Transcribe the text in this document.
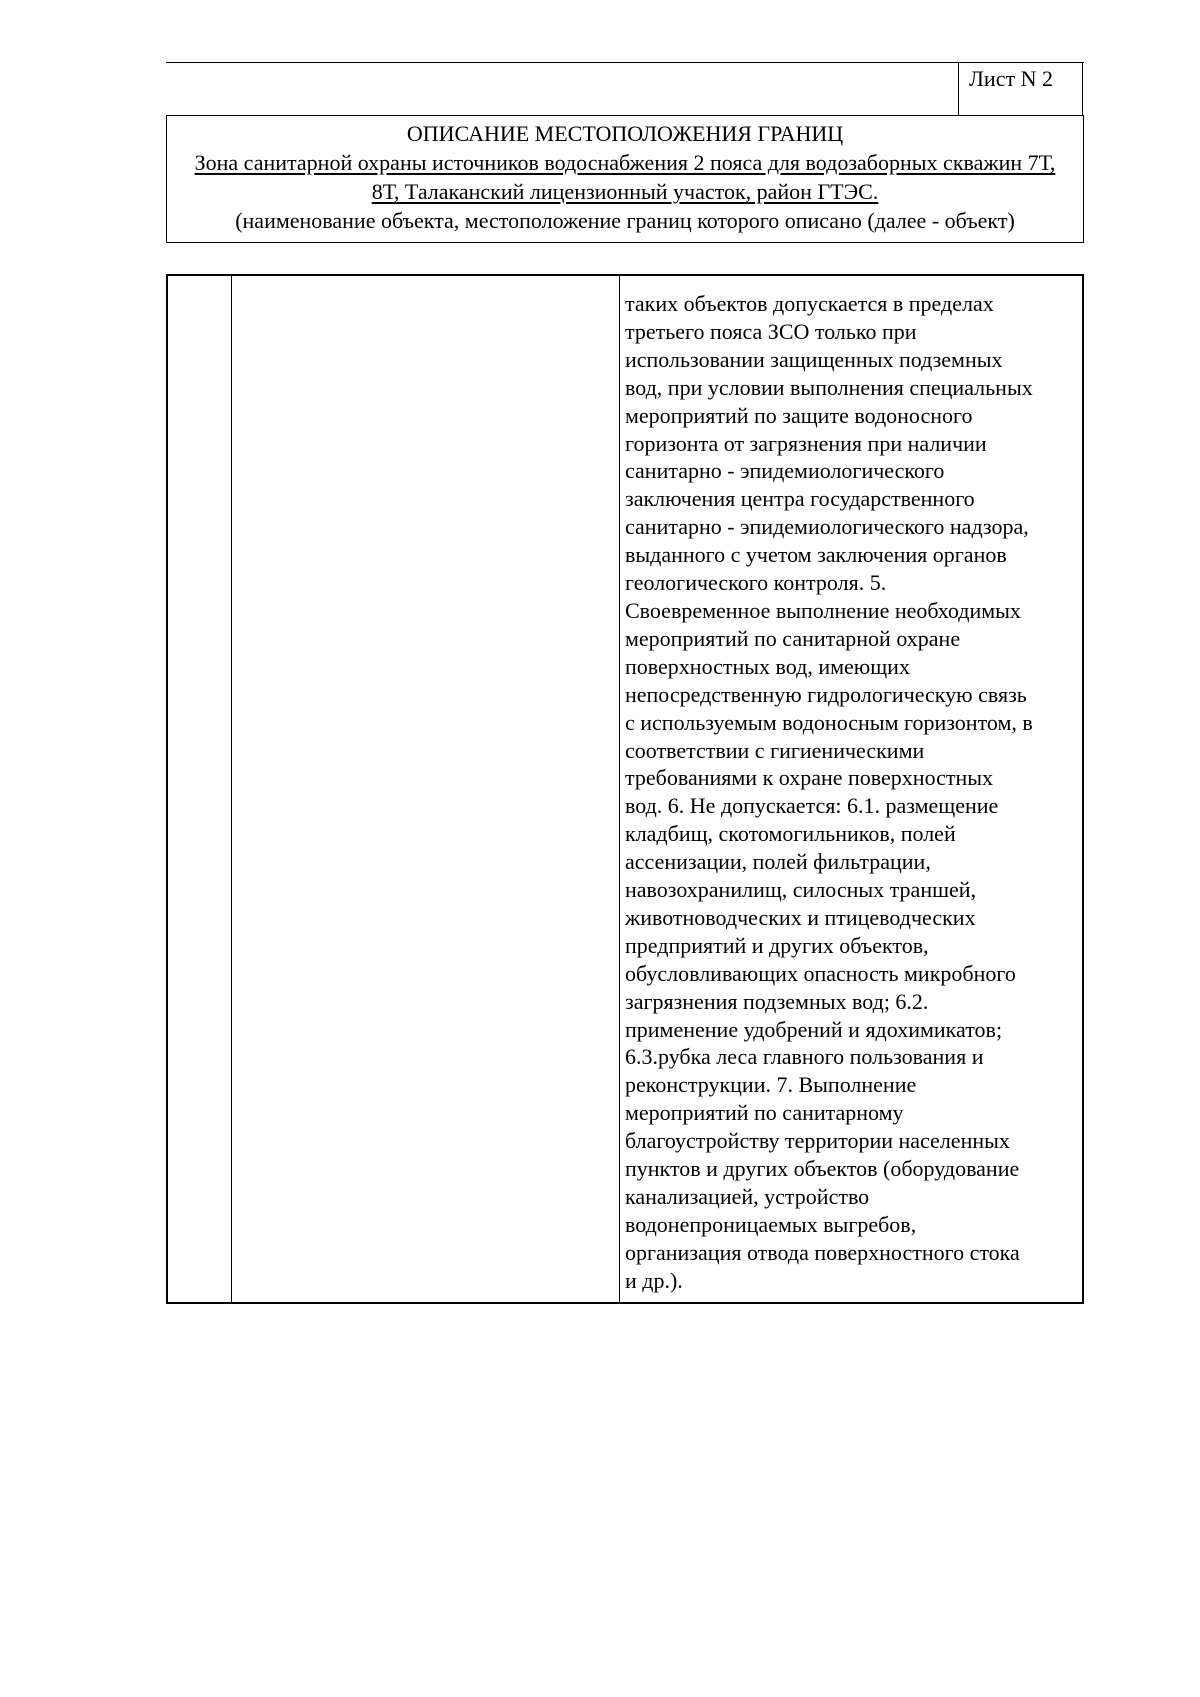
Лист N 2
ОПИСАНИЕ МЕСТОПОЛОЖЕНИЯ ГРАНИЦ
Зона санитарной охраны источников водоснабжения 2 пояса для водозаборных скважин 7Т, 8Т, Талаканский лицензионный участок, район ГТЭС.
(наименование объекта, местоположение границ которого описано (далее - объект)
таких объектов допускается в пределах
третьего пояса ЗСО только при
использовании защищенных подземных
вод, при условии выполнения специальных
мероприятий по защите водоносного
горизонта от загрязнения при наличии
санитарно - эпидемиологического
заключения центра государственного
санитарно - эпидемиологического надзора,
выданного с учетом заключения органов
геологического контроля. 5.
Своевременное выполнение необходимых
мероприятий по санитарной охране
поверхностных вод, имеющих
непосредственную гидрологическую связь
с используемым водоносным горизонтом, в
соответствии с гигиеническими
требованиями к охране поверхностных
вод. 6. Не допускается: 6.1. размещение
кладбищ, скотомогильников, полей
ассенизации, полей фильтрации,
навозохранилищ, силосных траншей,
животноводческих и птицеводческих
предприятий и других объектов,
обусловливающих опасность микробного
загрязнения подземных вод; 6.2.
применение удобрений и ядохимикатов;
6.3.рубка леса главного пользования и
реконструкции. 7. Выполнение
мероприятий по санитарному
благоустройству территории населенных
пунктов и других объектов (оборудование
канализацией, устройство
водонепроницаемых выгребов,
организация отвода поверхностного стока
и др.).
